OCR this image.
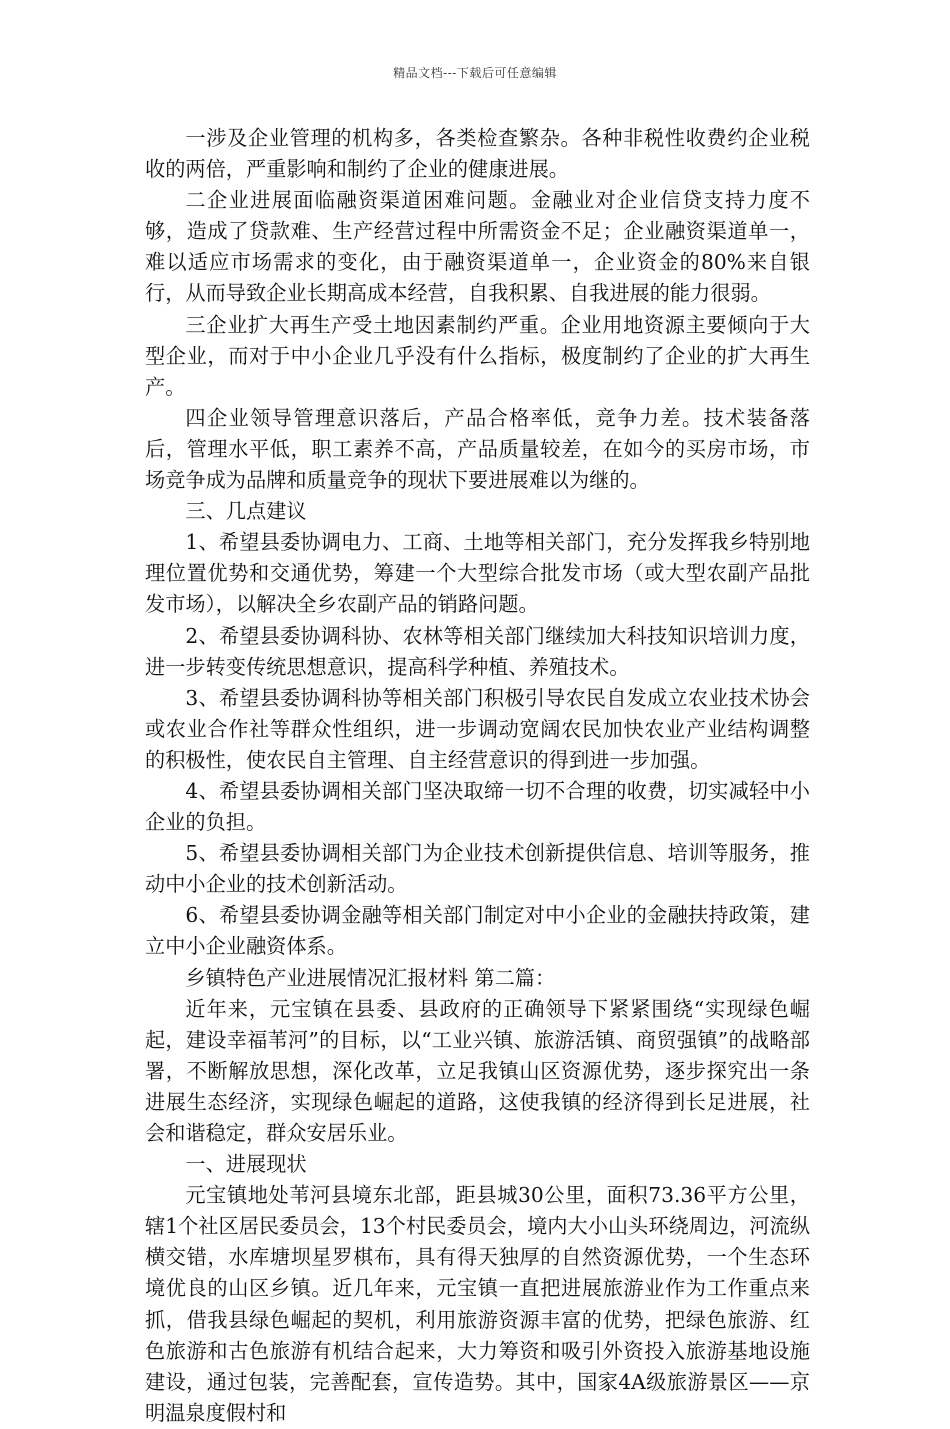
精品文档---下载后可任意编辑

一涉及企业管理的机构多，各类检查繁杂。各种非税性收费约企业税收的两倍，严重影响和制约了企业的健康进展。

二企业进展面临融资渠道困难问题。金融业对企业信贷支持力度不够，造成了贷款难、生产经营过程中所需资金不足；企业融资渠道单一，难以适应市场需求的变化，由于融资渠道单一，企业资金的80%来自银行，从而导致企业长期高成本经营，自我积累、自我进展的能力很弱。

三企业扩大再生产受土地因素制约严重。企业用地资源主要倾向于大型企业，而对于中小企业几乎没有什么指标，极度制约了企业的扩大再生产。

四企业领导管理意识落后，产品合格率低，竞争力差。技术装备落后，管理水平低，职工素养不高，产品质量较差，在如今的买房市场，市场竞争成为品牌和质量竞争的现状下要进展难以为继的。

三、几点建议

1、希望县委协调电力、工商、土地等相关部门，充分发挥我乡特别地理位置优势和交通优势，筹建一个大型综合批发市场（或大型农副产品批发市场），以解决全乡农副产品的销路问题。

2、希望县委协调科协、农林等相关部门继续加大科技知识培训力度，进一步转变传统思想意识，提高科学种植、养殖技术。

3、希望县委协调科协等相关部门积极引导农民自发成立农业技术协会或农业合作社等群众性组织，进一步调动宽阔农民加快农业产业结构调整的积极性，使农民自主管理、自主经营意识的得到进一步加强。

4、希望县委协调相关部门坚决取缔一切不合理的收费，切实减轻中小企业的负担。

5、希望县委协调相关部门为企业技术创新提供信息、培训等服务，推动中小企业的技术创新活动。

6、希望县委协调金融等相关部门制定对中小企业的金融扶持政策，建立中小企业融资体系。

乡镇特色产业进展情况汇报材料 第二篇：

近年来，元宝镇在县委、县政府的正确领导下紧紧围绕“实现绿色崛起，建设幸福苇河”的目标，以“工业兴镇、旅游活镇、商贸强镇”的战略部署，不断解放思想，深化改革，立足我镇山区资源优势，逐步探究出一条进展生态经济，实现绿色崛起的道路，这使我镇的经济得到长足进展，社会和谐稳定，群众安居乐业。

一、进展现状

元宝镇地处苇河县境东北部，距县城30公里，面积73.36平方公里，辖1个社区居民委员会，13个村民委员会，境内大小山头环绕周边，河流纵横交错，水库塘坝星罗棋布，具有得天独厚的自然资源优势，一个生态环境优良的山区乡镇。近几年来，元宝镇一直把进展旅游业作为工作重点来抓，借我县绿色崛起的契机，利用旅游资源丰富的优势，把绿色旅游、红色旅游和古色旅游有机结合起来，大力筹资和吸引外资投入旅游基地设施建设，通过包装，完善配套，宣传造势。其中，国家4A级旅游景区——京明温泉度假村和
